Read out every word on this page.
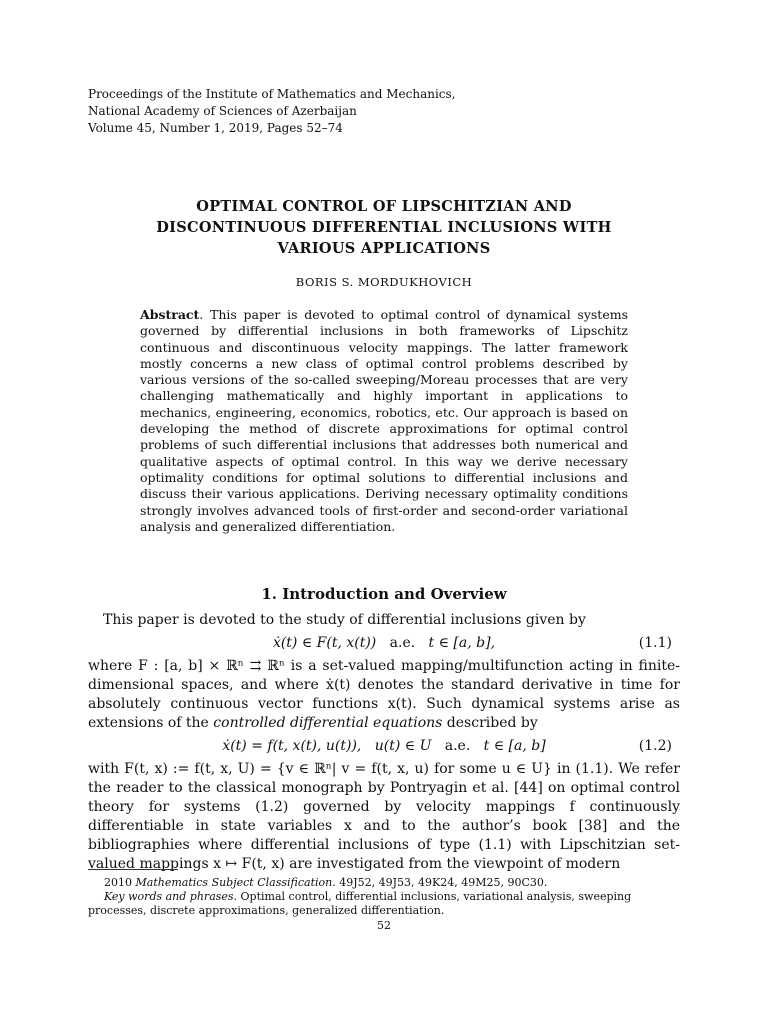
Proceedings of the Institute of Mathematics and Mechanics,
National Academy of Sciences of Azerbaijan
Volume 45, Number 1, 2019, Pages 52–74
OPTIMAL CONTROL OF LIPSCHITZIAN AND
DISCONTINUOUS DIFFERENTIAL INCLUSIONS WITH
VARIOUS APPLICATIONS
BORIS S. MORDUKHOVICH
Abstract. This paper is devoted to optimal control of dynamical systems governed by differential inclusions in both frameworks of Lipschitz continuous and discontinuous velocity mappings. The latter framework mostly concerns a new class of optimal control problems described by various versions of the so-called sweeping/Moreau processes that are very challenging mathematically and highly important in applications to mechanics, engineering, economics, robotics, etc. Our approach is based on developing the method of discrete approximations for optimal control problems of such differential inclusions that addresses both numerical and qualitative aspects of optimal control. In this way we derive necessary optimality conditions for optimal solutions to differential inclusions and discuss their various applications. Deriving necessary optimality conditions strongly involves advanced tools of first-order and second-order variational analysis and generalized differentiation.
1. Introduction and Overview

This paper is devoted to the study of differential inclusions given by

ẋ(t) ∈ F(t, x(t)) a.e. t ∈ [a, b],	(1.1)

where F : [a, b] × ℝⁿ ⇉ ℝⁿ is a set-valued mapping/multifunction acting in finite-dimensional spaces, and where ẋ(t) denotes the standard derivative in time for absolutely continuous vector functions x(t). Such dynamical systems arise as extensions of the controlled differential equations described by

ẋ(t) = f(t, x(t), u(t)), u(t) ∈ U a.e. t ∈ [a, b]	(1.2)

with F(t, x) := f(t, x, U) = {v ∈ ℝⁿ| v = f(t, x, u) for some u ∈ U} in (1.1). We refer the reader to the classical monograph by Pontryagin et al. [44] on optimal control theory for systems (1.2) governed by velocity mappings f continuously differentiable in state variables x and to the author’s book [38] and the bibliographies where differential inclusions of type (1.1) with Lipschitzian set-valued mappings x ↦ F(t, x) are investigated from the viewpoint of modern

2010 Mathematics Subject Classification. 49J52, 49J53, 49K24, 49M25, 90C30.

Key words and phrases. Optimal control, differential inclusions, variational analysis, sweeping processes, discrete approximations, generalized differentiation.

52
